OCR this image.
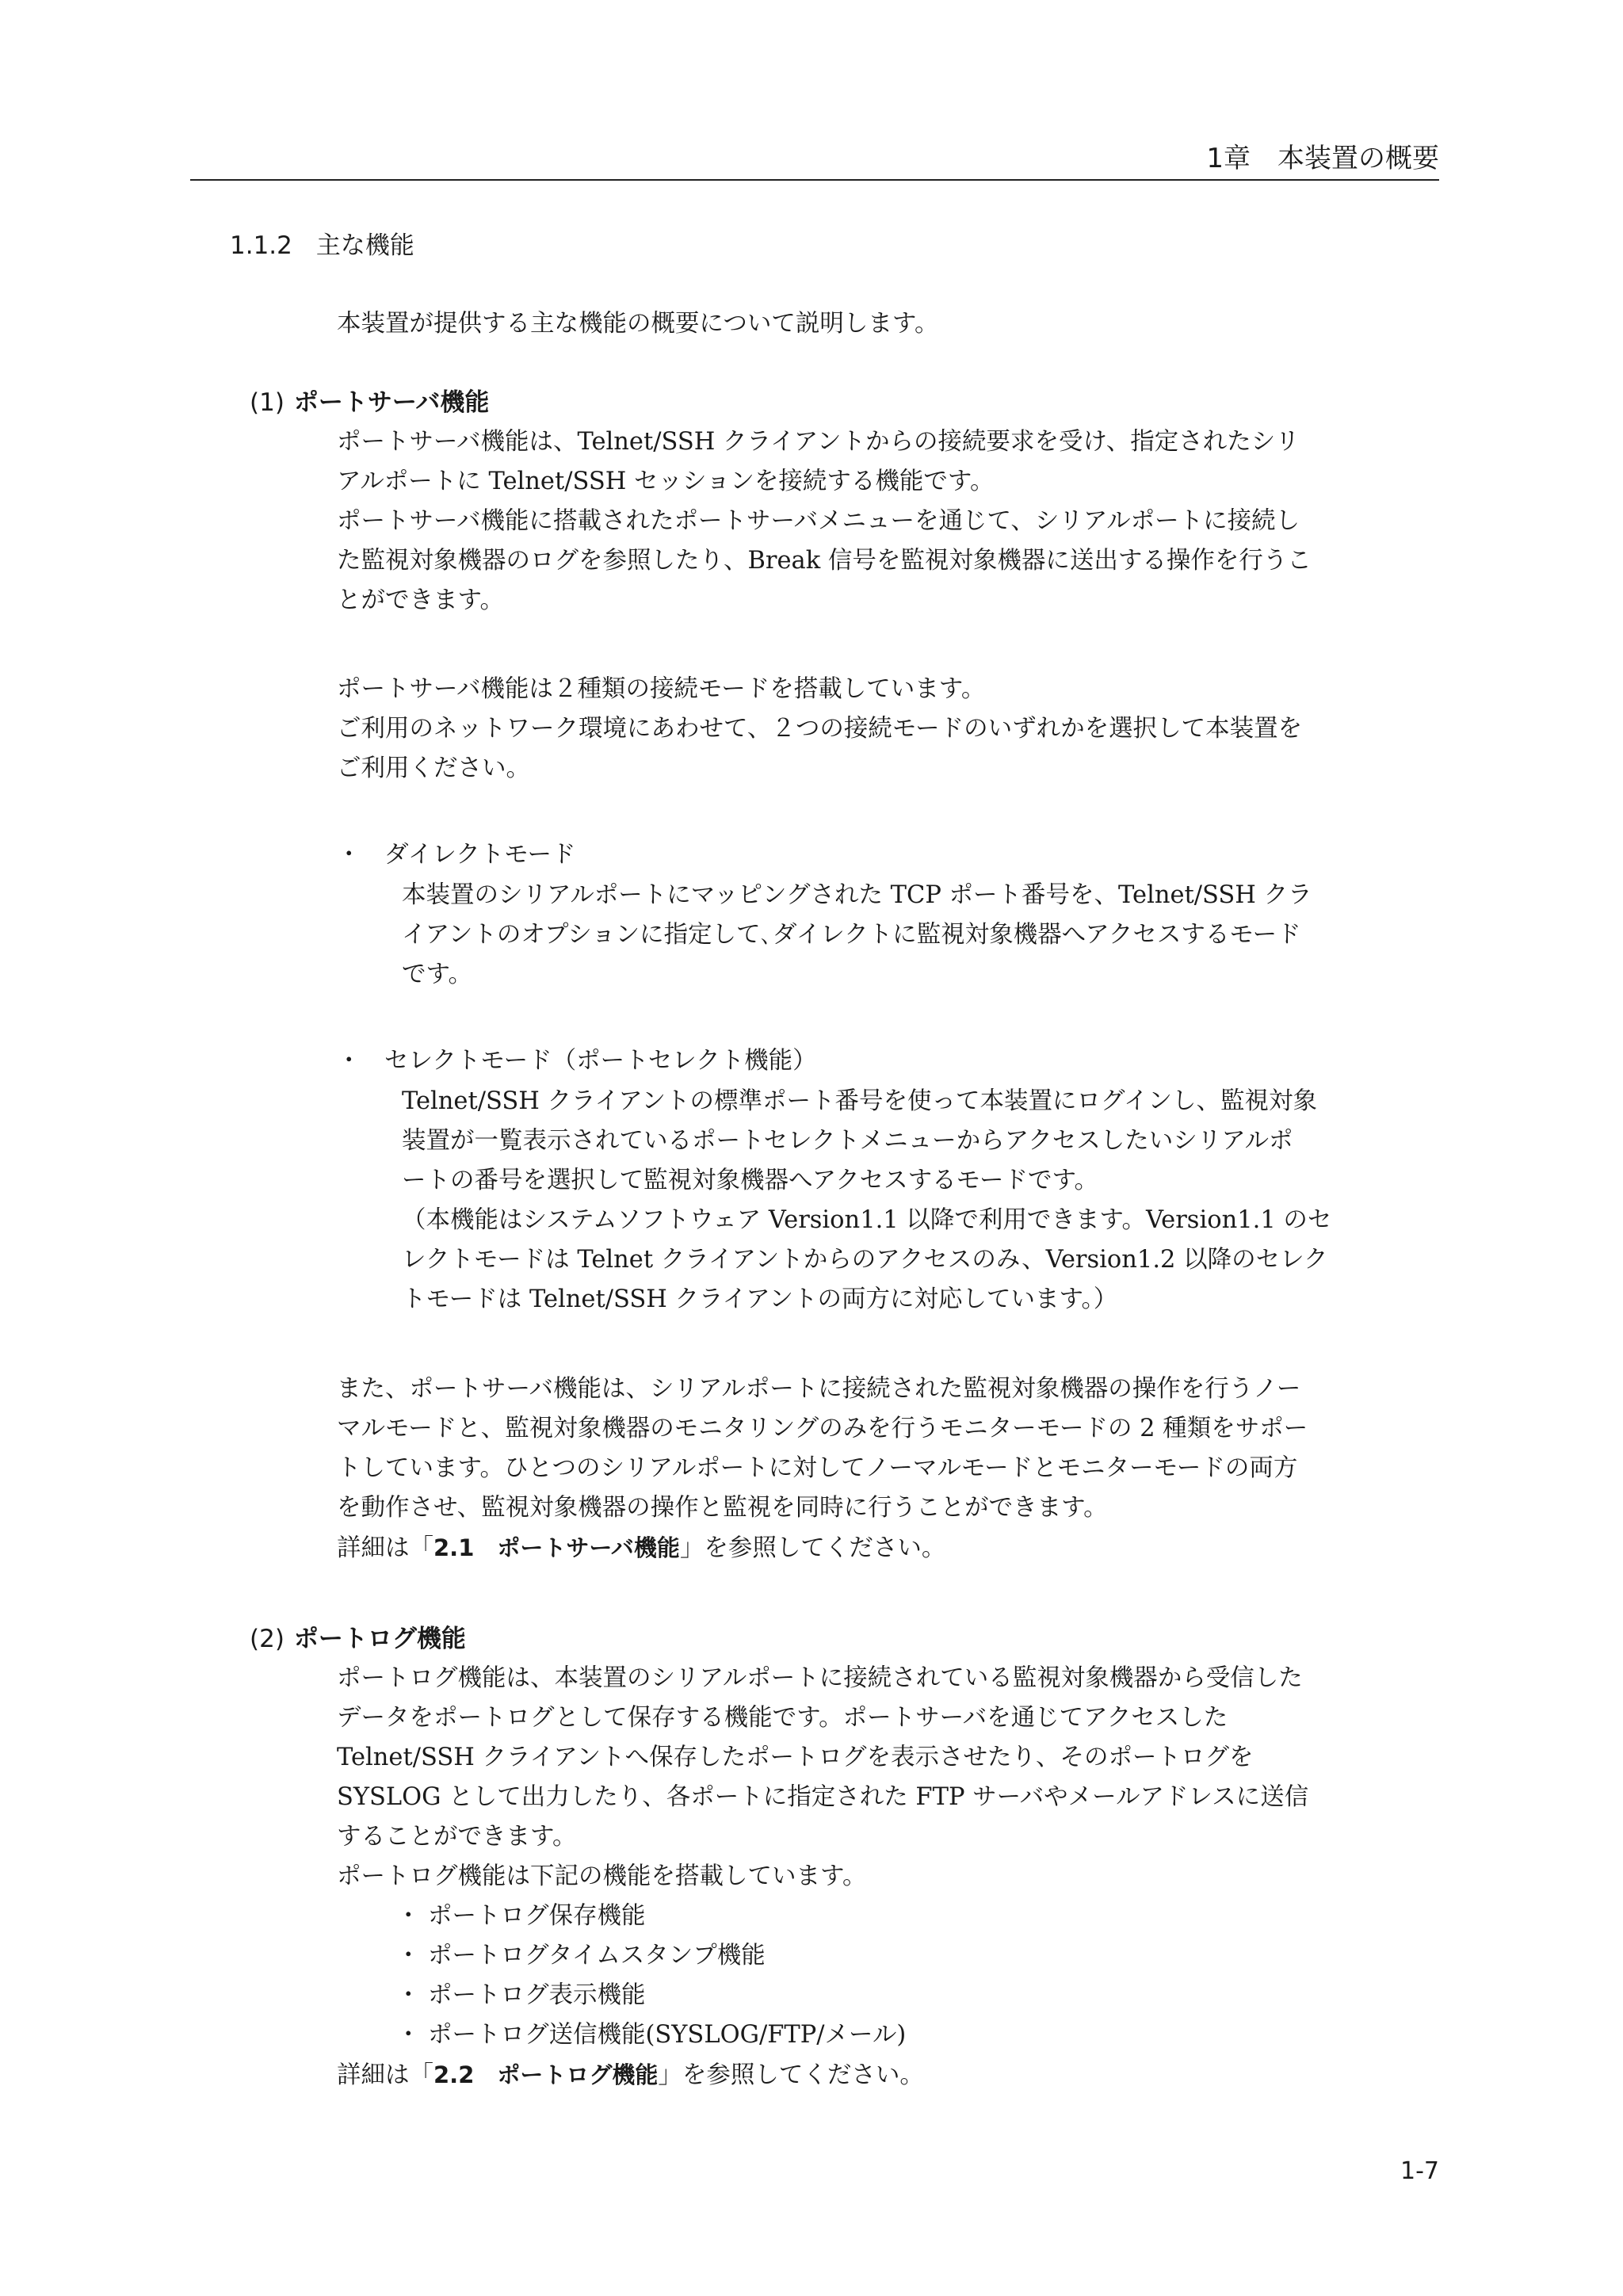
1章　本装置の概要
1.1.2 主な機能
本装置が提供する主な機能の概要について説明します。
(1) ポートサーバ機能
ポートサーバ機能は、Telnet/SSH クライアントからの接続要求を受け、指定されたシリ
アルポートに Telnet/SSH セッションを接続する機能です。
ポートサーバ機能に搭載されたポートサーバメニューを通じて、シリアルポートに接続し
た監視対象機器のログを参照したり、Break 信号を監視対象機器に送出する操作を行うこ
とができます。
ポートサーバ機能は２種類の接続モードを搭載しています。
ご利用のネットワーク環境にあわせて、２つの接続モードのいずれかを選択して本装置を
ご利用ください。
・ ダイレクトモード
本装置のシリアルポートにマッピングされた TCP ポート番号を、Telnet/SSH クラ
イアントのオプションに指定して､ダイレクトに監視対象機器へアクセスするモード
です。
・ セレクトモード（ポートセレクト機能）
Telnet/SSH クライアントの標準ポート番号を使って本装置にログインし、監視対象
装置が一覧表示されているポートセレクトメニューからアクセスしたいシリアルポ
ートの番号を選択して監視対象機器へアクセスするモードです。
（本機能はシステムソフトウェア Version1.1 以降で利用できます。Version1.1 のセ
レクトモードは Telnet クライアントからのアクセスのみ、Version1.2 以降のセレク
トモードは Telnet/SSH クライアントの両方に対応しています。）
また、ポートサーバ機能は、シリアルポートに接続された監視対象機器の操作を行うノー
マルモードと、監視対象機器のモニタリングのみを行うモニターモードの 2 種類をサポー
トしています。ひとつのシリアルポートに対してノーマルモードとモニターモードの両方
を動作させ、監視対象機器の操作と監視を同時に行うことができます。
詳細は「2.1　ポートサーバ機能」を参照してください。
(2) ポートログ機能
ポートログ機能は、本装置のシリアルポートに接続されている監視対象機器から受信した
データをポートログとして保存する機能です。ポートサーバを通じてアクセスした
Telnet/SSH クライアントへ保存したポートログを表示させたり、そのポートログを
SYSLOG として出力したり、各ポートに指定された FTP サーバやメールアドレスに送信
することができます。
ポートログ機能は下記の機能を搭載しています。
・ ポートログ保存機能
・ ポートログタイムスタンプ機能
・ ポートログ表示機能
・ ポートログ送信機能(SYSLOG/FTP/メール)
詳細は「2.2　ポートログ機能」を参照してください。
1-7
